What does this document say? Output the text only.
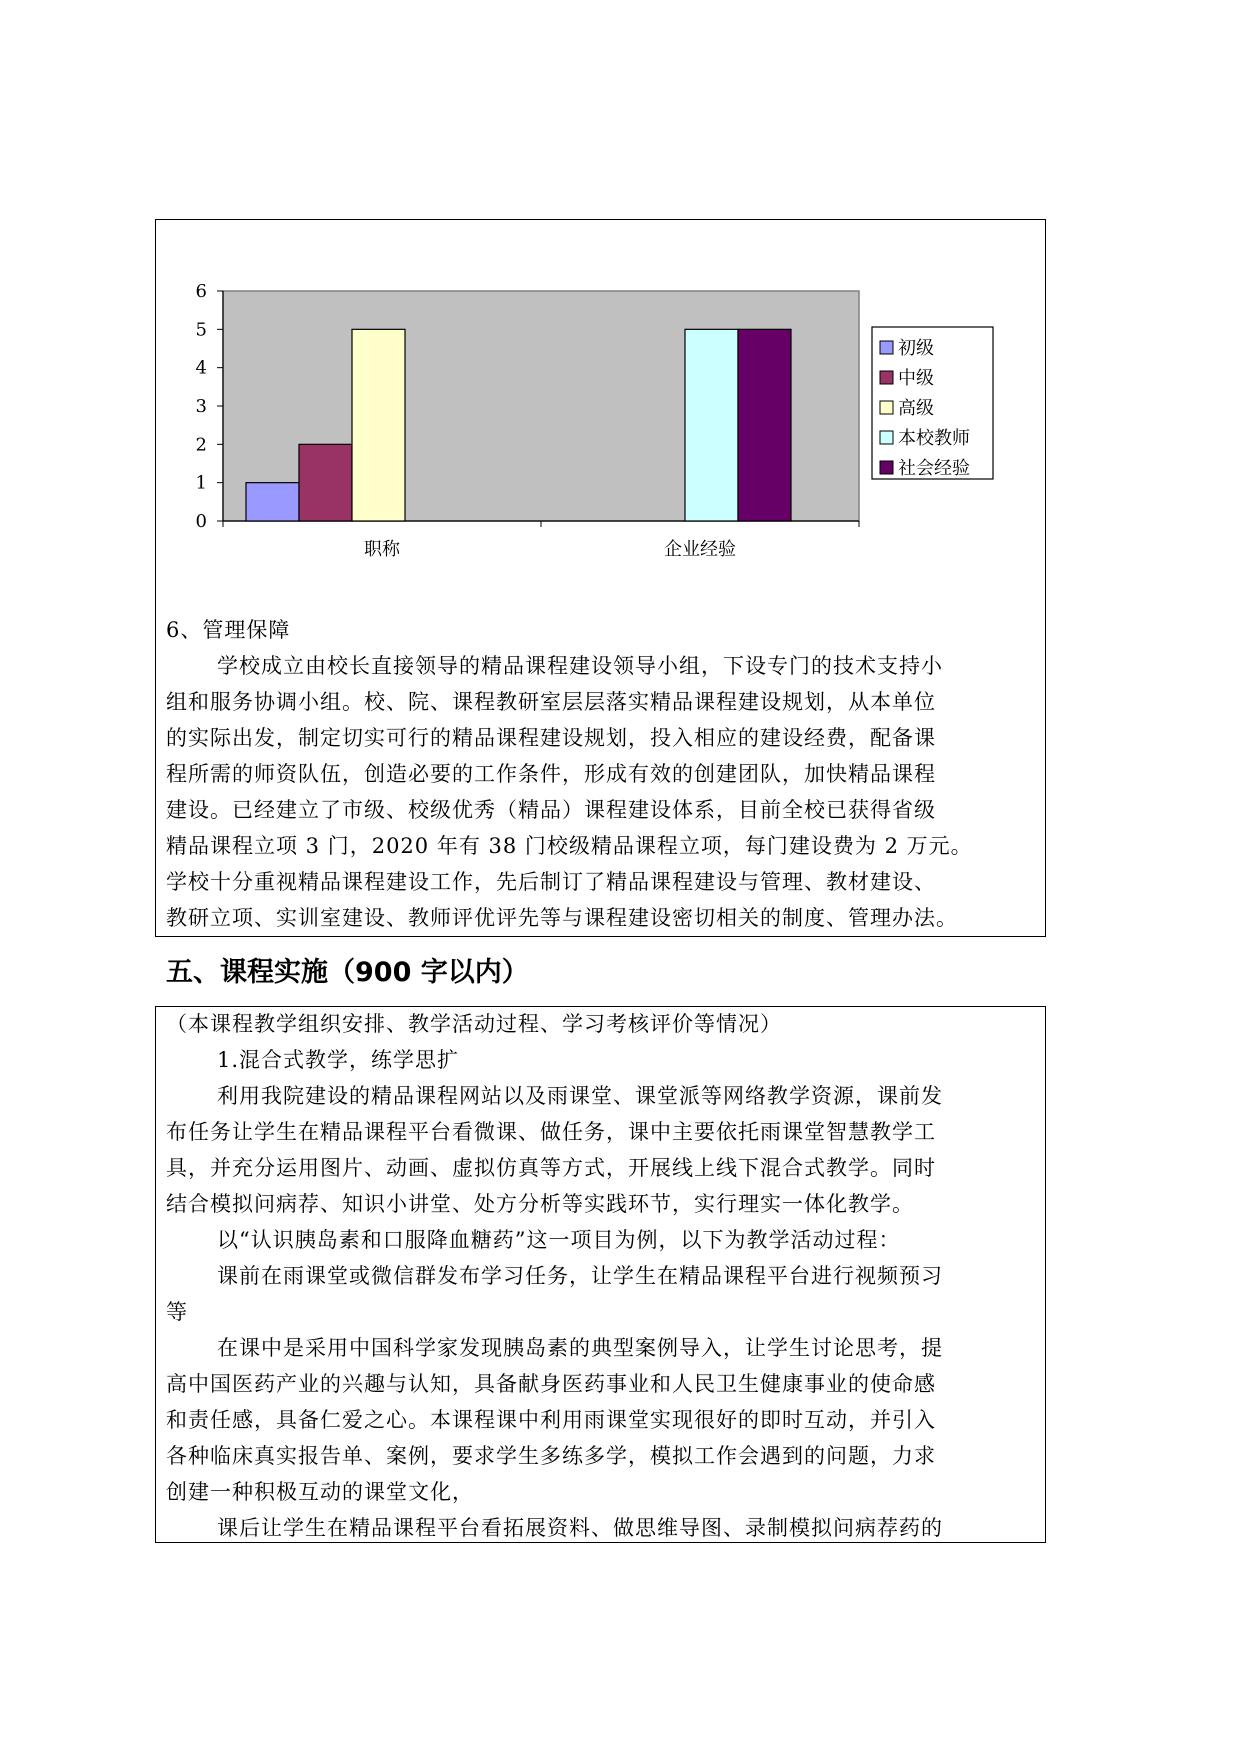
0
1
2
3
4
5
6
职称	企业经验
初级
中级
高级
本校教师
社会经验
6、管理保障
学校成立由校长直接领导的精品课程建设领导小组，下设专门的技术支持小
组和服务协调小组。校、院、课程教研室层层落实精品课程建设规划，从本单位
的实际出发，制定切实可行的精品课程建设规划，投入相应的建设经费，配备课
程所需的师资队伍，创造必要的工作条件，形成有效的创建团队，加快精品课程
建设。已经建立了市级、校级优秀（精品）课程建设体系，目前全校已获得省级
精品课程立项 3 门，2020 年有 38 门校级精品课程立项，每门建设费为 2 万元。
学校十分重视精品课程建设工作，先后制订了精品课程建设与管理、教材建设、
教研立项、实训室建设、教师评优评先等与课程建设密切相关的制度、管理办法。
五、课程实施（900 字以内）
（本课程教学组织安排、教学活动过程、学习考核评价等情况）
1.混合式教学，练学思扩
利用我院建设的精品课程网站以及雨课堂、课堂派等网络教学资源，课前发
布任务让学生在精品课程平台看微课、做任务，课中主要依托雨课堂智慧教学工
具，并充分运用图片、动画、虚拟仿真等方式，开展线上线下混合式教学。同时
结合模拟问病荐、知识小讲堂、处方分析等实践环节，实行理实一体化教学。
以“认识胰岛素和口服降血糖药”这一项目为例，以下为教学活动过程：
课前在雨课堂或微信群发布学习任务，让学生在精品课程平台进行视频预习
等
在课中是采用中国科学家发现胰岛素的典型案例导入，让学生讨论思考，提
高中国医药产业的兴趣与认知，具备献身医药事业和人民卫生健康事业的使命感
和责任感，具备仁爱之心。本课程课中利用雨课堂实现很好的即时互动，并引入
各种临床真实报告单、案例，要求学生多练多学，模拟工作会遇到的问题，力求
创建一种积极互动的课堂文化，
课后让学生在精品课程平台看拓展资料、做思维导图、录制模拟问病荐药的
